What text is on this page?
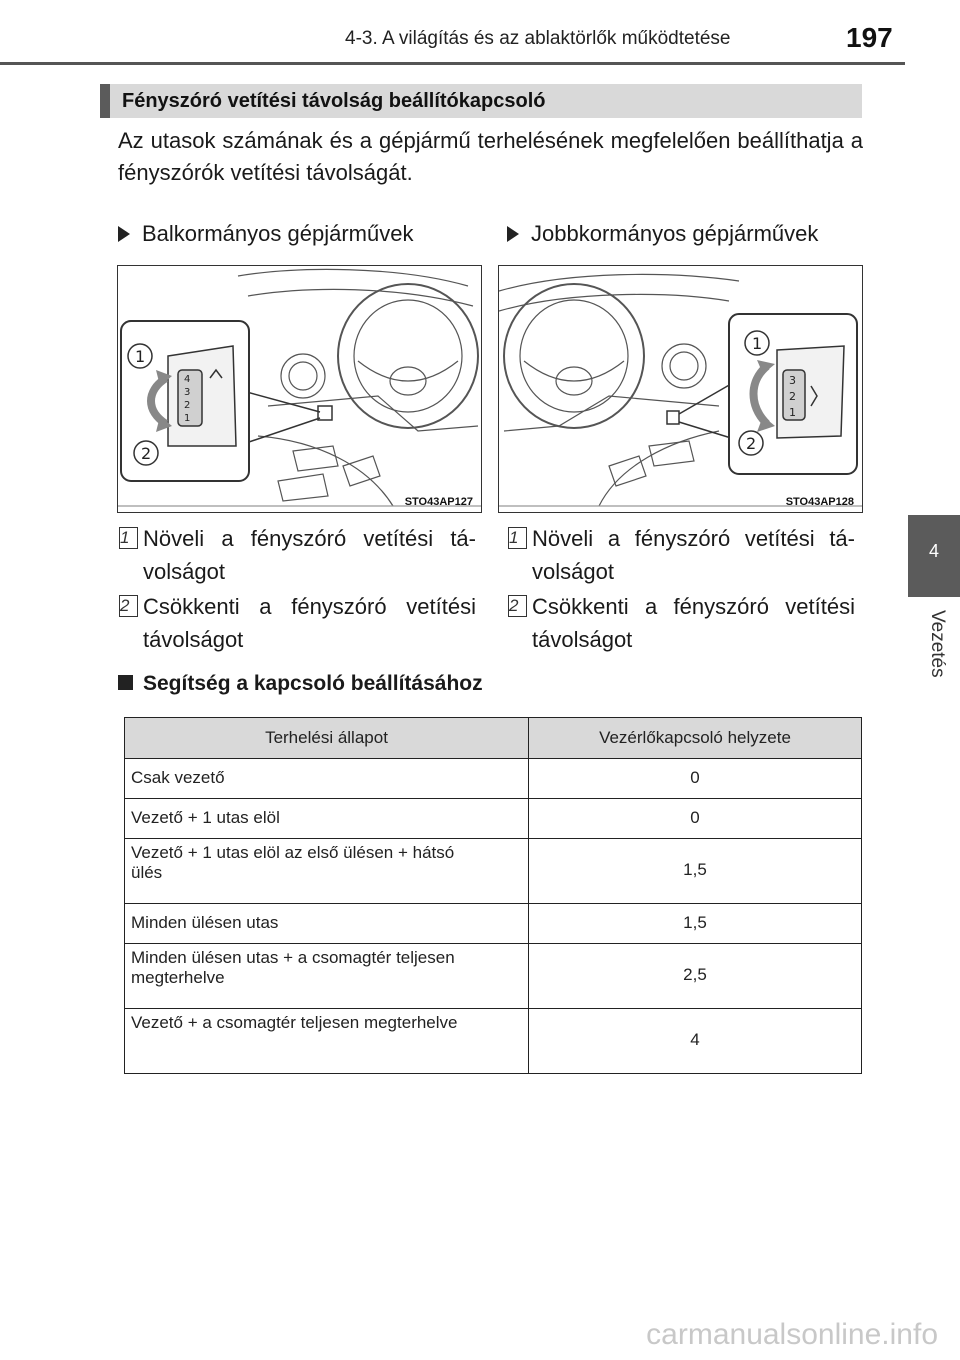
4-3. A világítás és az ablaktörlők működtetése	197
4
Vezetés
Fényszóró vetítési távolság beállítókapcsoló
Az utasok számának és a gépjármű terhelésének megfelelően beállíthatja a fényszórók vetítési távolságát.
Balkormányos gépjárművek	Jobbkormányos gépjárművek
4
3
2
1
1
2
STO43AP127
3
2
1
1
2
STO43AP128
1 Növeli a fényszóró vetítési távolságot
2 Csökkenti a fényszóró vetítési távolságot
1 Növeli a fényszóró vetítési távolságot
2 Csökkenti a fényszóró vetítési távolságot
Segítség a kapcsoló beállításához
Terhelési állapot	Vezérlőkapcsoló helyzete
Csak vezető	0
Vezető + 1 utas elöl	0
Vezető + 1 utas elöl az első ülésen + hátsó ülés	1,5
Minden ülésen utas	1,5
Minden ülésen utas + a csomagtér teljesen megterhelve	2,5
Vezető + a csomagtér teljesen megterhelve	4
carmanualsonline.info
